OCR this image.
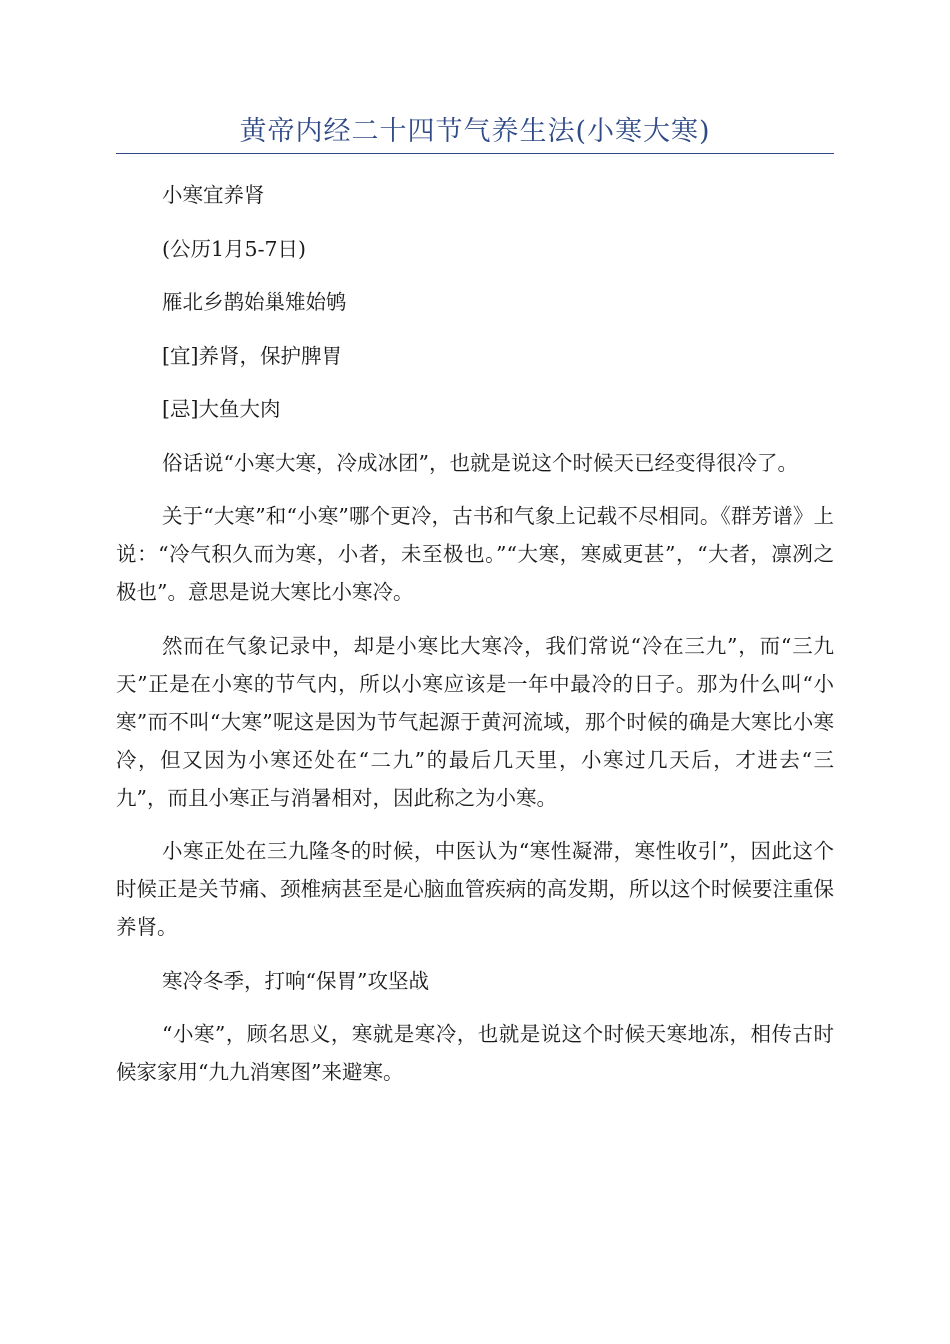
黄帝内经二十四节气养生法(小寒大寒)

小寒宜养肾

(公历1月5-7日)

雁北乡鹊始巢雉始鸲

[宜]养肾，保护脾胃

[忌]大鱼大肉

俗话说“小寒大寒，冷成冰团”，也就是说这个时候天已经变得很冷了。

关于“大寒”和“小寒”哪个更冷，古书和气象上记载不尽相同。《群芳谱》上说：“冷气积久而为寒，小者，未至极也。”“大寒，寒威更甚”，“大者，凛冽之极也”。意思是说大寒比小寒冷。

然而在气象记录中，却是小寒比大寒冷，我们常说“冷在三九”，而“三九天”正是在小寒的节气内，所以小寒应该是一年中最冷的日子。那为什么叫“小寒”而不叫“大寒”呢这是因为节气起源于黄河流域，那个时候的确是大寒比小寒冷，但又因为小寒还处在“二九”的最后几天里，小寒过几天后，才进去“三九”，而且小寒正与消暑相对，因此称之为小寒。

小寒正处在三九隆冬的时候，中医认为“寒性凝滞，寒性收引”，因此这个时候正是关节痛、颈椎病甚至是心脑血管疾病的高发期，所以这个时候要注重保养肾。

寒冷冬季，打响“保胃”攻坚战

“小寒”，顾名思义，寒就是寒冷，也就是说这个时候天寒地冻，相传古时候家家用“九九消寒图”来避寒。
